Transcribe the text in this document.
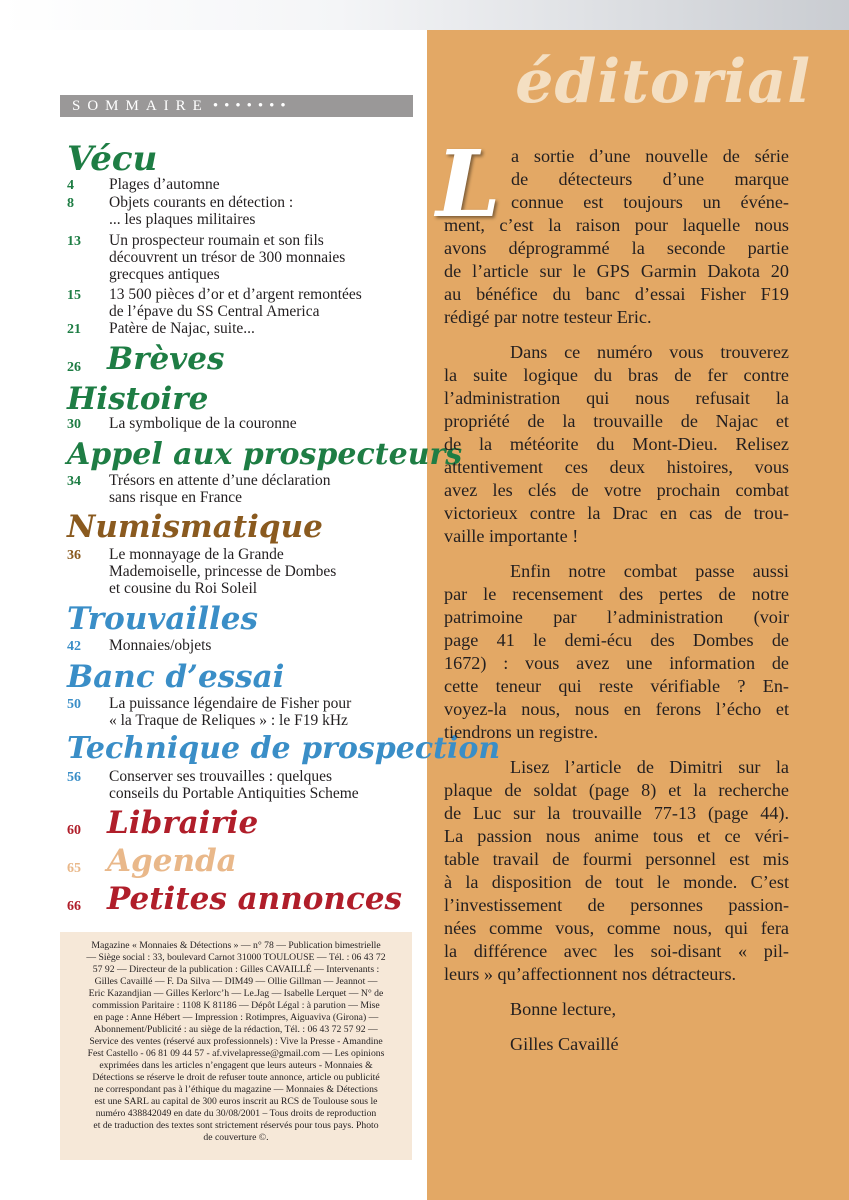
éditorial
SOMMAIRE •••••••
Vécu
4 Plages d’automne
8 Objets courants en détection :
... les plaques militaires
13 Un prospecteur roumain et son fils
découvrent un trésor de 300 monnaies
grecques antiques
15 13 500 pièces d’or et d’argent remontées
de l’épave du SS Central America
21 Patère de Najac, suite...
26 Brèves
Histoire
30 La symbolique de la couronne
Appel aux prospecteurs
34 Trésors en attente d’une déclaration
sans risque en France
Numismatique
36 Le monnayage de la Grande
Mademoiselle, princesse de Dombes
et cousine du Roi Soleil
Trouvailles
42 Monnaies/objets
Banc d’essai
50 La puissance légendaire de Fisher pour
« la Traque de Reliques » : le F19 kHz
Technique de prospection
56 Conserver ses trouvailles : quelques
conseils du Portable Antiquities Scheme
60 Librairie
65 Agenda
66 Petites annonces
Magazine « Monnaies & Détections » — n° 78 — Publication bimestrielle
— Siège social : 33, boulevard Carnot 31000 TOULOUSE — Tél. : 06 43 72
57 92 — Directeur de la publication : Gilles CAVAILLÉ — Intervenants :
Gilles Cavaillé — F. Da Silva — DIM49 — Ollie Gillman — Jeannot —
Eric Kazandjian — Gilles Kerlorc’h — Le.Jag — Isabelle Lerquet — N° de
commission Paritaire : 1108 K 81186 — Dépôt Légal : à parution — Mise
en page : Anne Hébert — Impression : Rotimpres, Aiguaviva (Girona) —
Abonnement/Publicité : au siège de la rédaction, Tél. : 06 43 72 57 92 —
Service des ventes (réservé aux professionnels) : Vive la Presse - Amandine
Fest Castello - 06 81 09 44 57 - af.vivelapresse@gmail.com — Les opinions
exprimées dans les articles n’engagent que leurs auteurs - Monnaies &
Détections se réserve le droit de refuser toute annonce, article ou publicité
ne correspondant pas à l’éthique du magazine — Monnaies & Détections
est une SARL au capital de 300 euros inscrit au RCS de Toulouse sous le
numéro 438842049 en date du 30/08/2001 – Tous droits de reproduction
et de traduction des textes sont strictement réservés pour tous pays. Photo
de couverture ©.
L a sortie d’une nouvelle de série
de détecteurs d’une marque
connue est toujours un événe-
ment, c’est la raison pour laquelle nous
avons déprogrammé la seconde partie
de l’article sur le GPS Garmin Dakota 20
au bénéfice du banc d’essai Fisher F19
rédigé par notre testeur Eric.
Dans ce numéro vous trouverez
la suite logique du bras de fer contre
l’administration qui nous refusait la
propriété de la trouvaille de Najac et
de la météorite du Mont-Dieu. Relisez
attentivement ces deux histoires, vous
avez les clés de votre prochain combat
victorieux contre la Drac en cas de trou-
vaille importante !
Enfin notre combat passe aussi
par le recensement des pertes de notre
patrimoine par l’administration (voir
page 41 le demi-écu des Dombes de
1672) : vous avez une information de
cette teneur qui reste vérifiable ? En-
voyez-la nous, nous en ferons l’écho et
tiendrons un registre.
Lisez l’article de Dimitri sur la
plaque de soldat (page 8) et la recherche
de Luc sur la trouvaille 77-13 (page 44).
La passion nous anime tous et ce véri-
table travail de fourmi personnel est mis
à la disposition de tout le monde. C’est
l’investissement de personnes passion-
nées comme vous, comme nous, qui fera
la différence avec les soi-disant « pil-
leurs » qu’affectionnent nos détracteurs.
Bonne lecture,
Gilles Cavaillé
